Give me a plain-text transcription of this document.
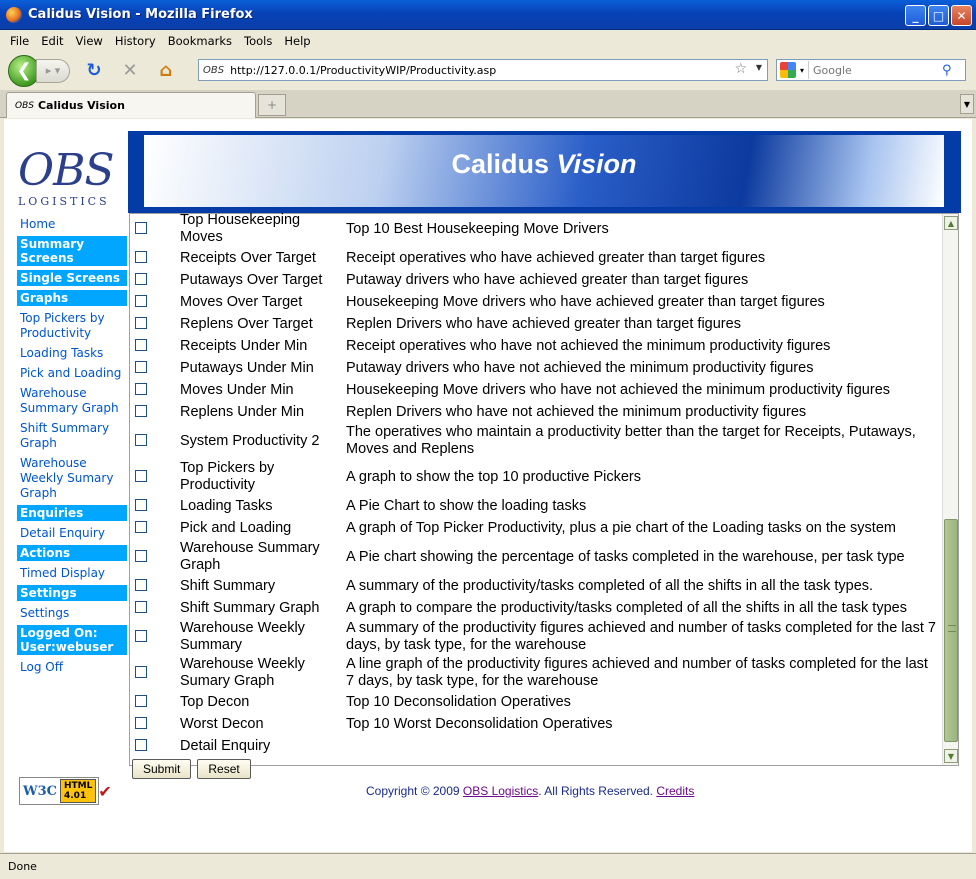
Calidus Vision - Mozilla Firefox	_	□	✕
File Edit View History Bookmarks Tools Help
❮	▸ ▾	↻ ✕	⌂	OBS http://127.0.0.1/ProductivityWIP/Productivity.asp	☆ ▼	▾
Google	⚲
OBS Calidus Vision	+	▼
OBS
LOGISTICS
Home
Summary Screens
Single Screens
Graphs
Top Pickers by Productivity
Loading Tasks
Pick and Loading
Warehouse Summary Graph
Shift Summary Graph
Warehouse Weekly Sumary Graph
Enquiries
Detail Enquiry
Actions
Timed Display
Settings
Settings
Logged On: User:webuser
Log Off
Calidus Vision
	Top Housekeeping Moves	Top 10 Best Housekeeping Move Drivers
	Receipts Over Target	Receipt operatives who have achieved greater than target figures
	Putaways Over Target	Putaway drivers who have achieved greater than target figures
	Moves Over Target	Housekeeping Move drivers who have achieved greater than target figures
	Replens Over Target	Replen Drivers who have achieved greater than target figures
	Receipts Under Min	Receipt operatives who have not achieved the minimum productivity figures
	Putaways Under Min	Putaway drivers who have not achieved the minimum productivity figures
	Moves Under Min	Housekeeping Move drivers who have not achieved the minimum productivity figures
	Replens Under Min	Replen Drivers who have not achieved the minimum productivity figures
	System Productivity 2	The operatives who maintain a productivity better than the target for Receipts, Putaways, Moves and Replens
	Top Pickers by Productivity	A graph to show the top 10 productive Pickers
	Loading Tasks	A Pie Chart to show the loading tasks
	Pick and Loading	A graph of Top Picker Productivity, plus a pie chart of the Loading tasks on the system
	Warehouse Summary Graph	A Pie chart showing the percentage of tasks completed in the warehouse, per task type
	Shift Summary	A summary of the productivity/tasks completed of all the shifts in all the task types.
	Shift Summary Graph	A graph to compare the productivity/tasks completed of all the shifts in all the task types
	Warehouse Weekly Summary	A summary of the productivity figures achieved and number of tasks completed for the last 7 days, by task type, for the warehouse
	Warehouse Weekly Sumary Graph	A line graph of the productivity figures achieved and number of tasks completed for the last 7 days, by task type, for the warehouse
	Top Decon	Top 10 Deconsolidation Operatives
	Worst Decon	Top 10 Worst Deconsolidation Operatives
	Detail Enquiry	
Submit	Reset
▲
▼
W3C HTML 4.01 ✔	Copyright © 2009 OBS Logistics. All Rights Reserved. Credits
Done
